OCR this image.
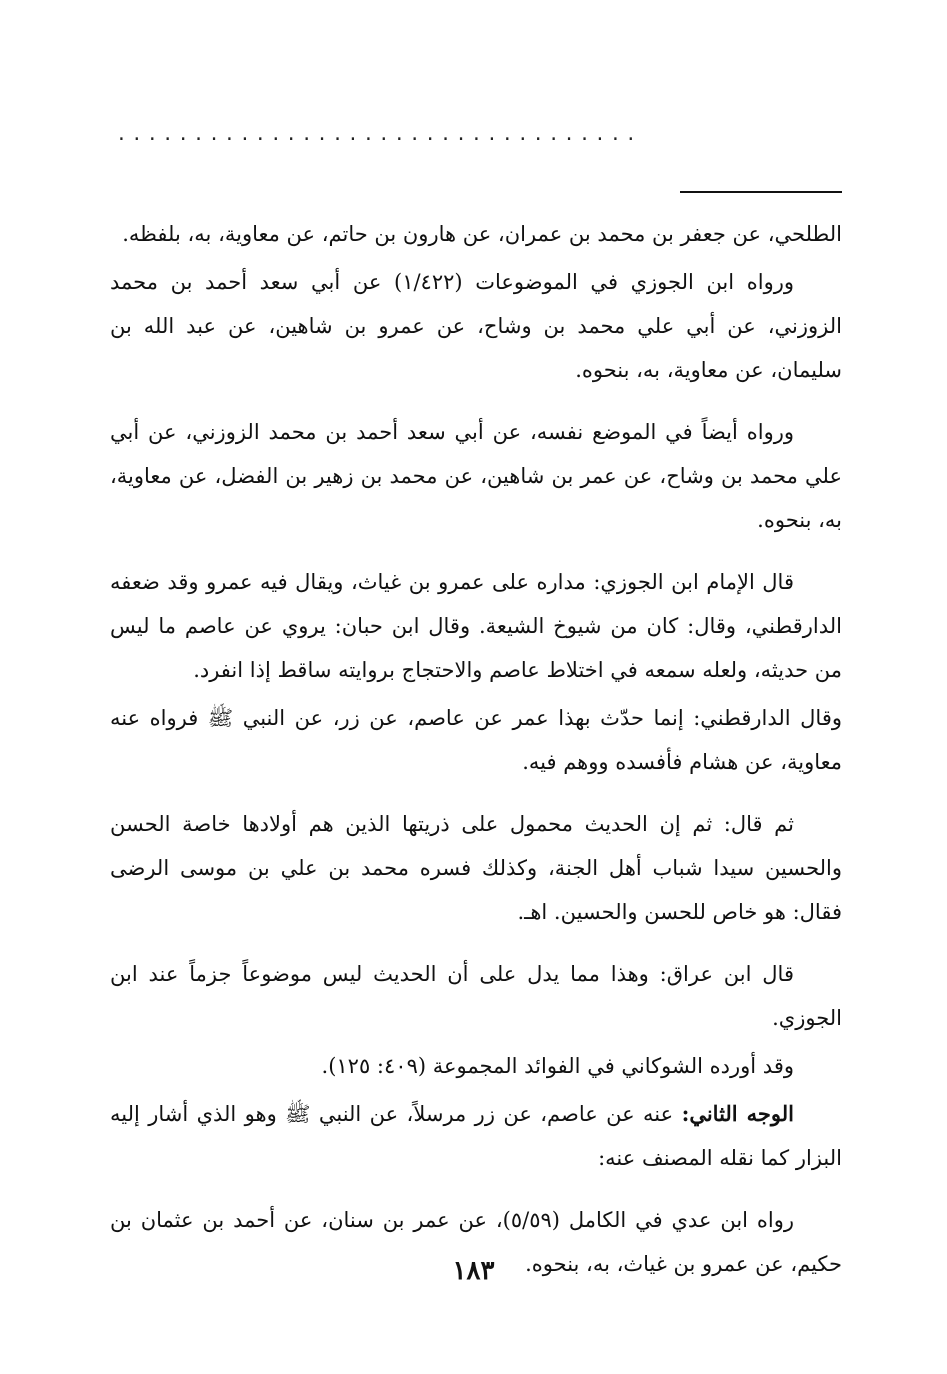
..................................

الطلحي، عن جعفر بن محمد بن عمران، عن هارون بن حاتم، عن معاوية، به، بلفظه.

ورواه ابن الجوزي في الموضوعات (١/٤٢٢) عن أبي سعد أحمد بن محمد الزوزني، عن أبي علي محمد بن وشاح، عن عمرو بن شاهين، عن عبد الله بن سليمان، عن معاوية، به، بنحوه.

ورواه أيضاً في الموضع نفسه، عن أبي سعد أحمد بن محمد الزوزني، عن أبي علي محمد بن وشاح، عن عمر بن شاهين، عن محمد بن زهير بن الفضل، عن معاوية، به، بنحوه.

قال الإمام ابن الجوزي: مداره على عمرو بن غياث، ويقال فيه عمرو وقد ضعفه الدارقطني، وقال: كان من شيوخ الشيعة. وقال ابن حبان: يروي عن عاصم ما ليس من حديثه، ولعله سمعه في اختلاط عاصم والاحتجاج بروايته ساقط إذا انفرد.

وقال الدارقطني: إنما حدّث بهذا عمر عن عاصم، عن زر، عن النبي ﷺ فرواه عنه معاوية، عن هشام فأفسده ووهم فيه.

ثم قال: ثم إن الحديث محمول على ذريتها الذين هم أولادها خاصة الحسن والحسين سيدا شباب أهل الجنة، وكذلك فسره محمد بن علي بن موسى الرضى فقال: هو خاص للحسن والحسين. اهـ.

قال ابن عراق: وهذا مما يدل على أن الحديث ليس موضوعاً جزماً عند ابن الجوزي.

وقد أورده الشوكاني في الفوائد المجموعة (٤٠٩: ١٢٥).

الوجه الثاني: عنه عن عاصم، عن زر مرسلاً، عن النبي ﷺ وهو الذي أشار إليه البزار كما نقله المصنف عنه:

رواه ابن عدي في الكامل (٥/٥٩)، عن عمر بن سنان، عن أحمد بن عثمان بن حكيم، عن عمرو بن غياث، به، بنحوه.

١٨٣
